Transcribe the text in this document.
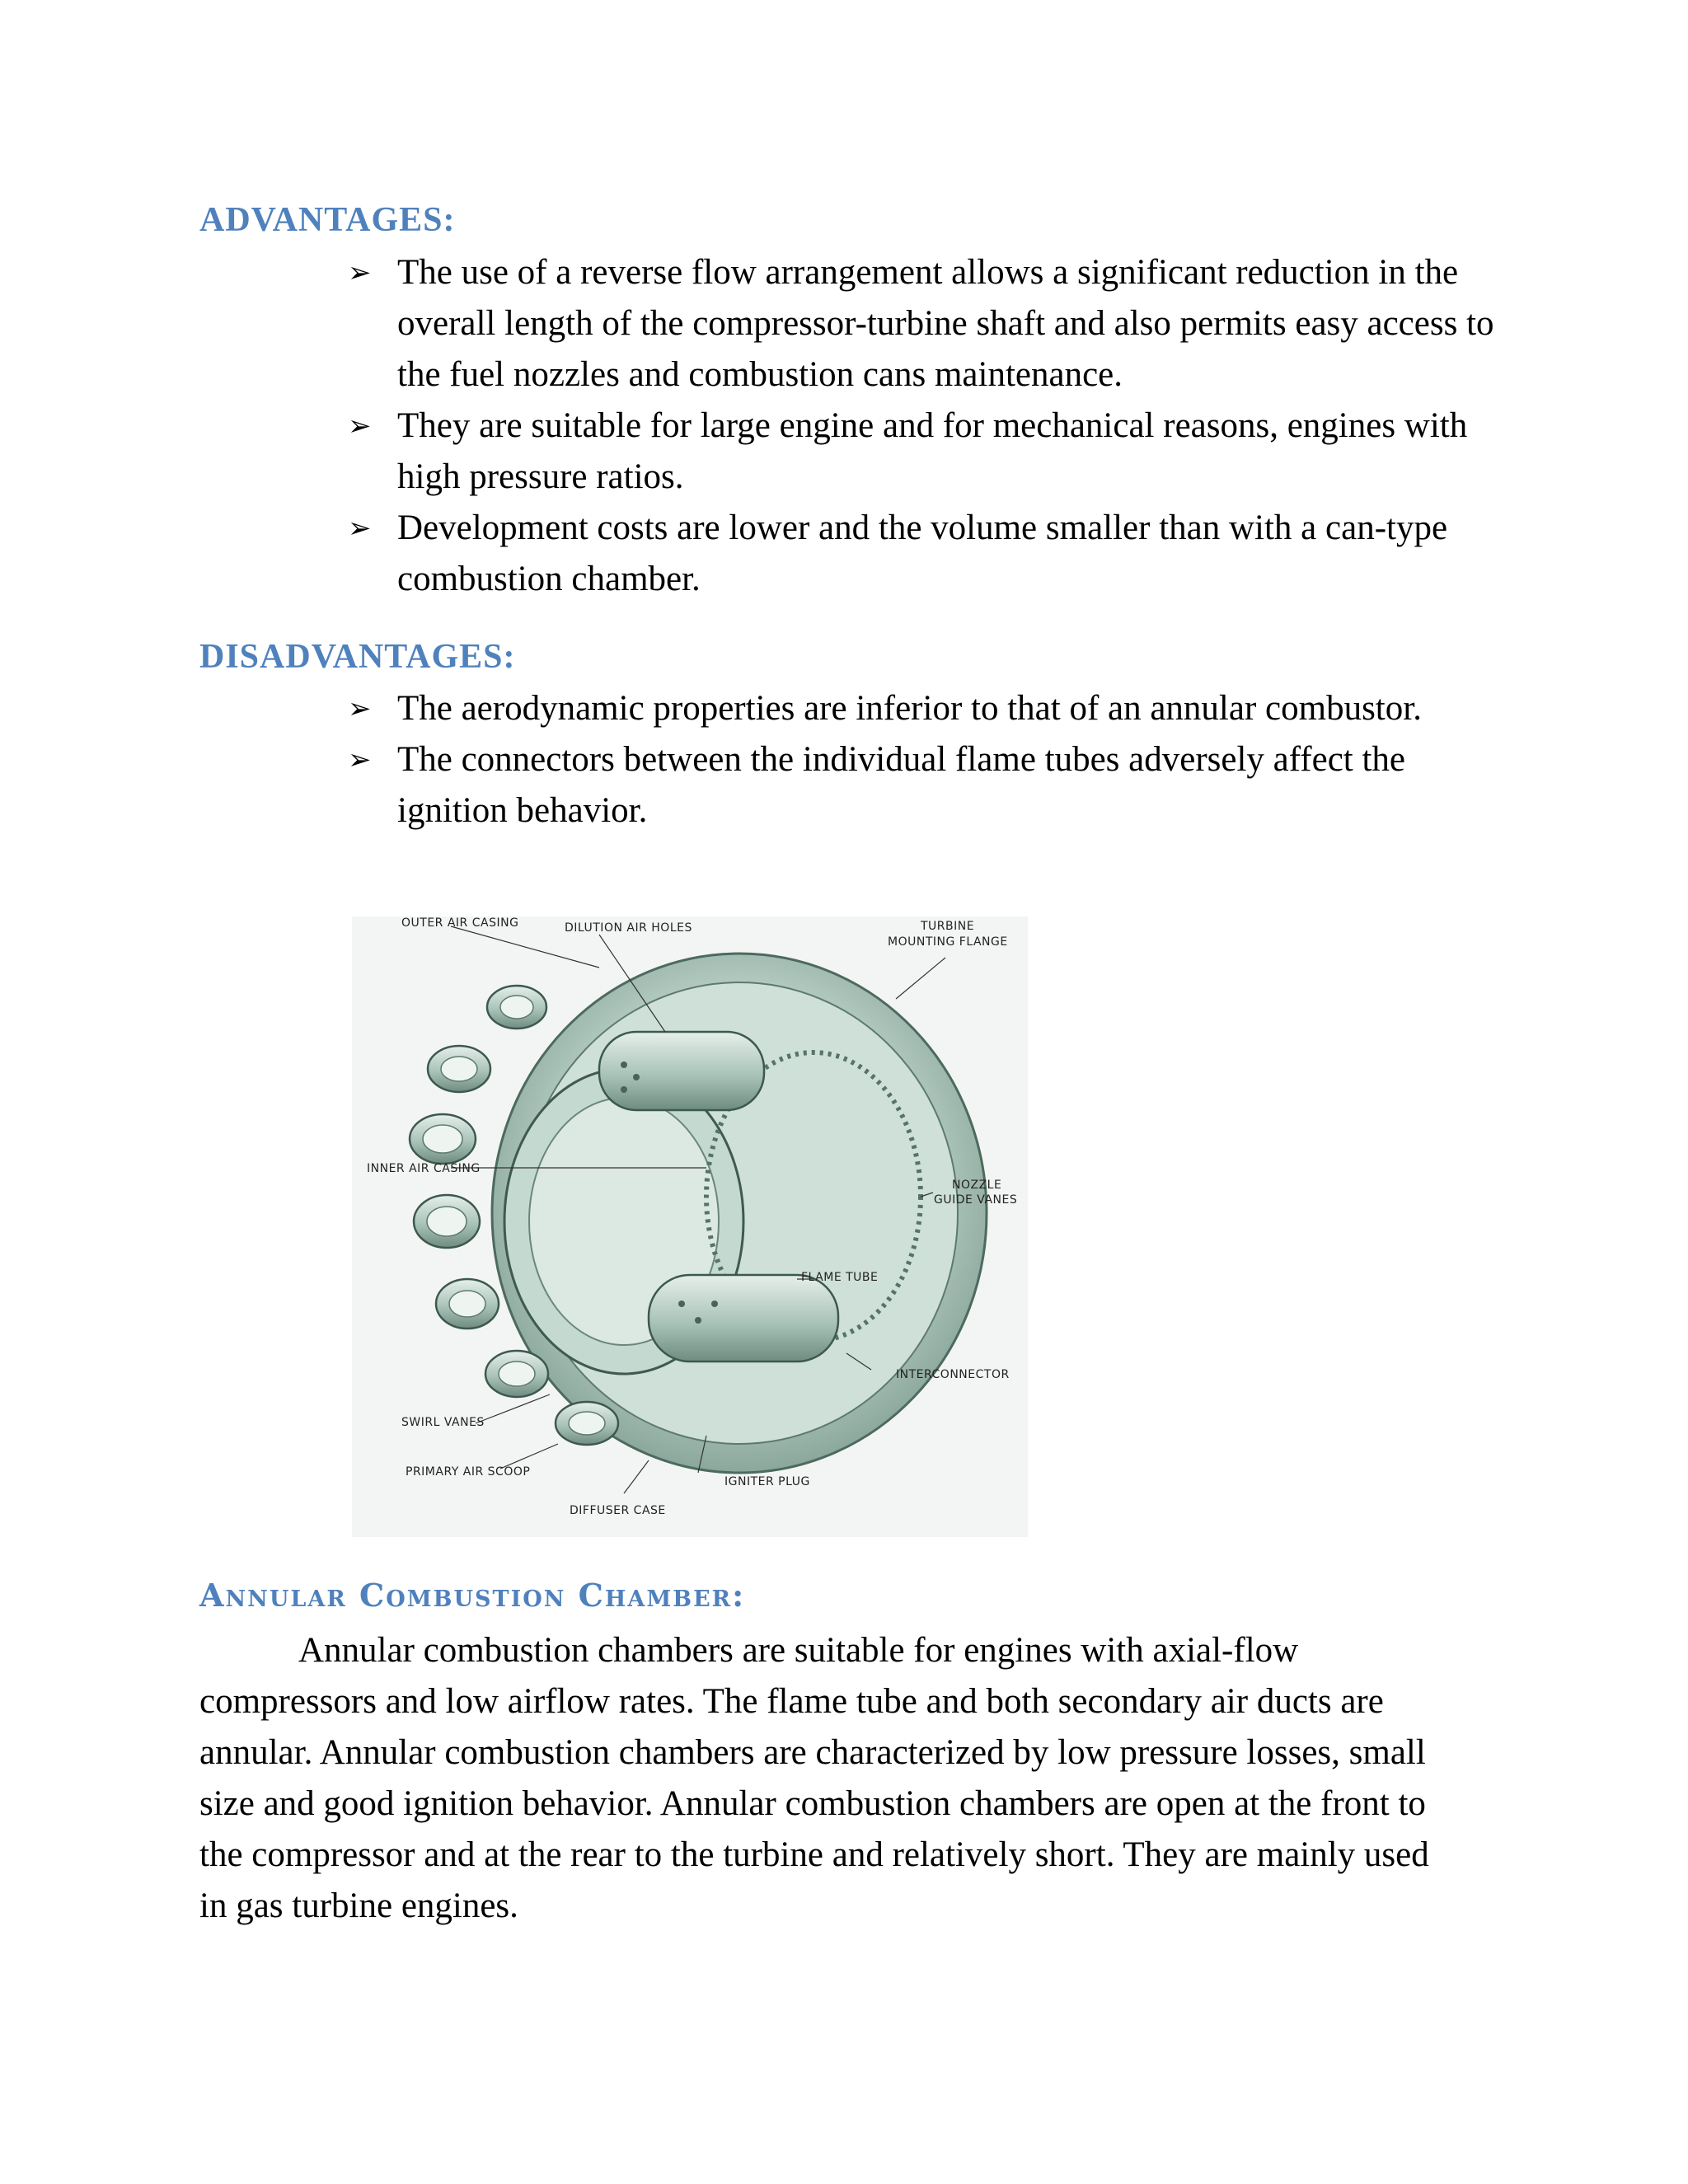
ADVANTAGES:
➢ The use of a reverse flow arrangement allows a significant reduction in the overall length of the compressor-turbine shaft and also permits easy access to the fuel nozzles and combustion cans maintenance.
➢ They are suitable for large engine and for mechanical reasons, engines with high pressure ratios.
➢ Development costs are lower and the volume smaller than with a can-type combustion chamber.
DISADVANTAGES:
➢ The aerodynamic properties are inferior to that of an annular combustor.
➢ The connectors between the individual flame tubes adversely affect the ignition behavior.
OUTER AIR CASING	DILUTION AIR HOLES	TURBINE
MOUNTING FLANGE
INNER AIR CASING
NOZZLE
GUIDE VANES
FLAME TUBE
INTERCONNECTOR
SWIRL VANES
PRIMARY AIR SCOOP
IGNITER PLUG
DIFFUSER CASE
Annular Combustion Chamber:

Annular combustion chambers are suitable for engines with axial-flow compressors and low airflow rates. The flame tube and both secondary air ducts are annular. Annular combustion chambers are characterized by low pressure losses, small size and good ignition behavior. Annular combustion chambers are open at the front to the compressor and at the rear to the turbine and relatively short. They are mainly used in gas turbine engines.
